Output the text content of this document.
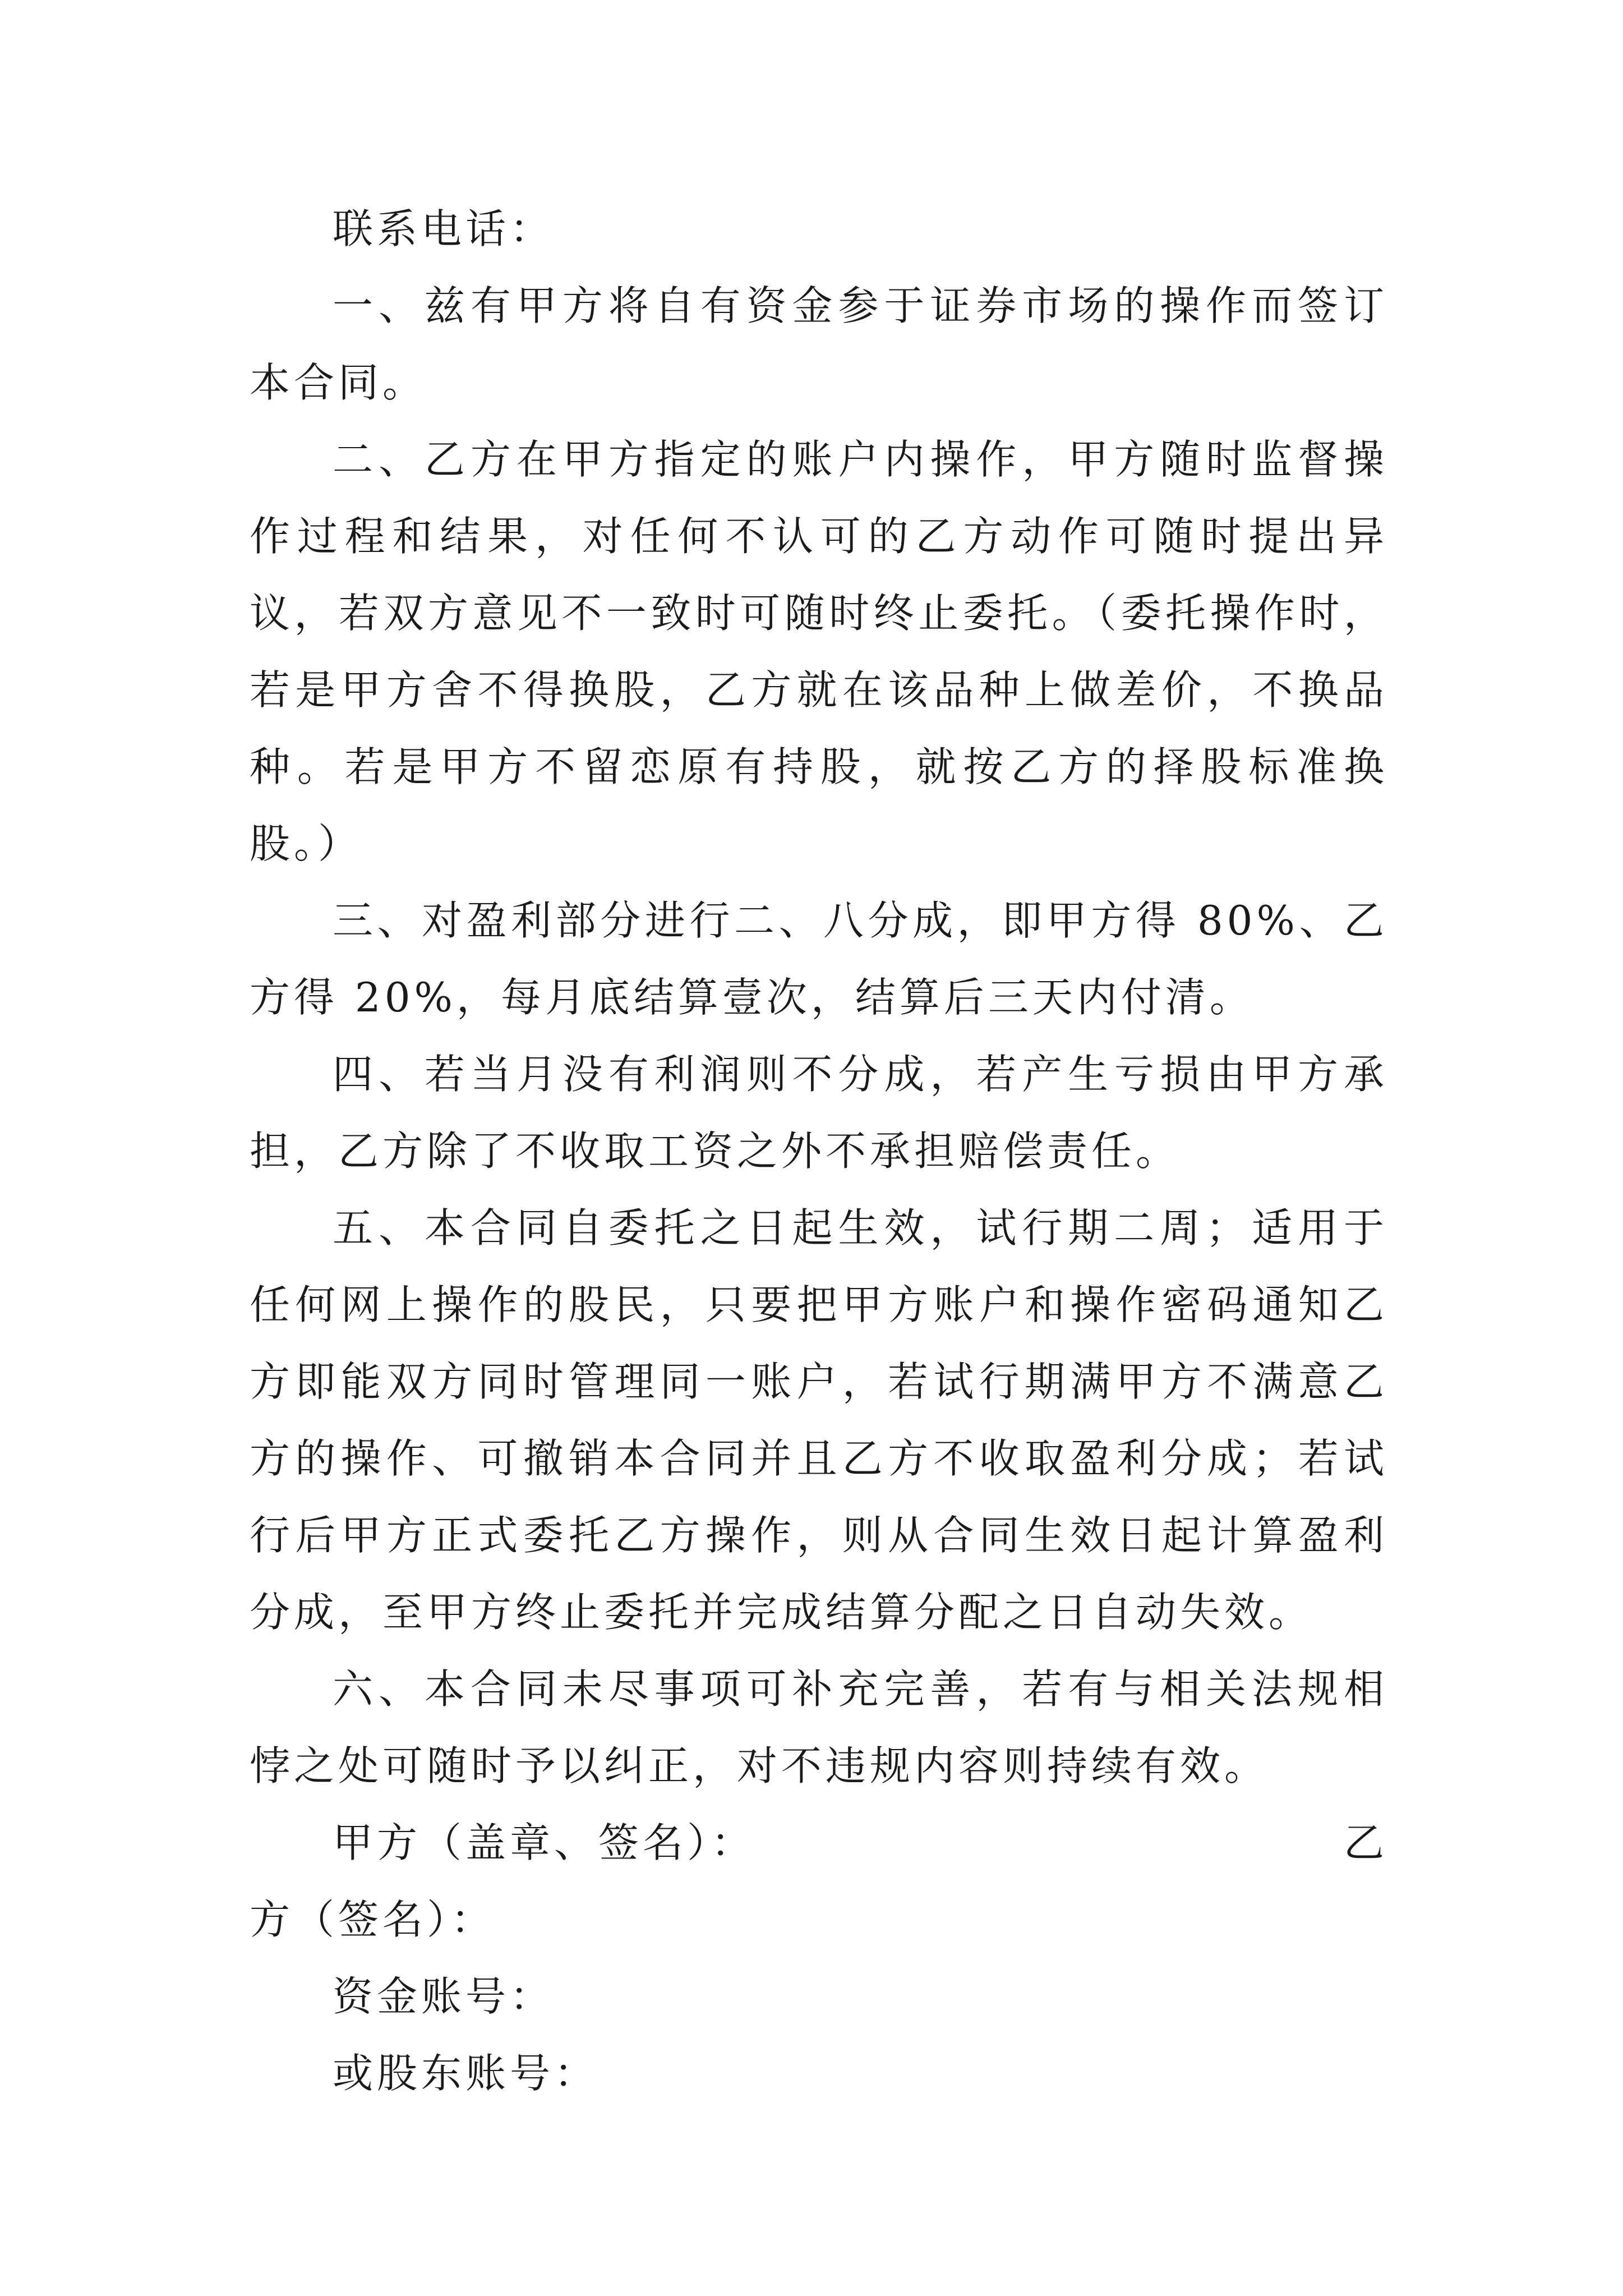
联系电话：

一、兹有甲方将自有资金参于证券市场的操作而签订本合同。

二、乙方在甲方指定的账户内操作，甲方随时监督操作过程和结果，对任何不认可的乙方动作可随时提出异议，若双方意见不一致时可随时终止委托。（委托操作时，若是甲方舍不得换股，乙方就在该品种上做差价，不换品种。若是甲方不留恋原有持股，就按乙方的择股标准换股。）

三、对盈利部分进行二、八分成，即甲方得 80%、乙方得 20%，每月底结算壹次，结算后三天内付清。

四、若当月没有利润则不分成，若产生亏损由甲方承担，乙方除了不收取工资之外不承担赔偿责任。

五、本合同自委托之日起生效，试行期二周；适用于任何网上操作的股民，只要把甲方账户和操作密码通知乙方即能双方同时管理同一账户，若试行期满甲方不满意乙方的操作、可撤销本合同并且乙方不收取盈利分成；若试行后甲方正式委托乙方操作，则从合同生效日起计算盈利分成，至甲方终止委托并完成结算分配之日自动失效。

六、本合同未尽事项可补充完善，若有与相关法规相悖之处可随时予以纠正，对不违规内容则持续有效。

甲方（盖章、签名）：	乙
方（签名）：

资金账号：

或股东账号：
